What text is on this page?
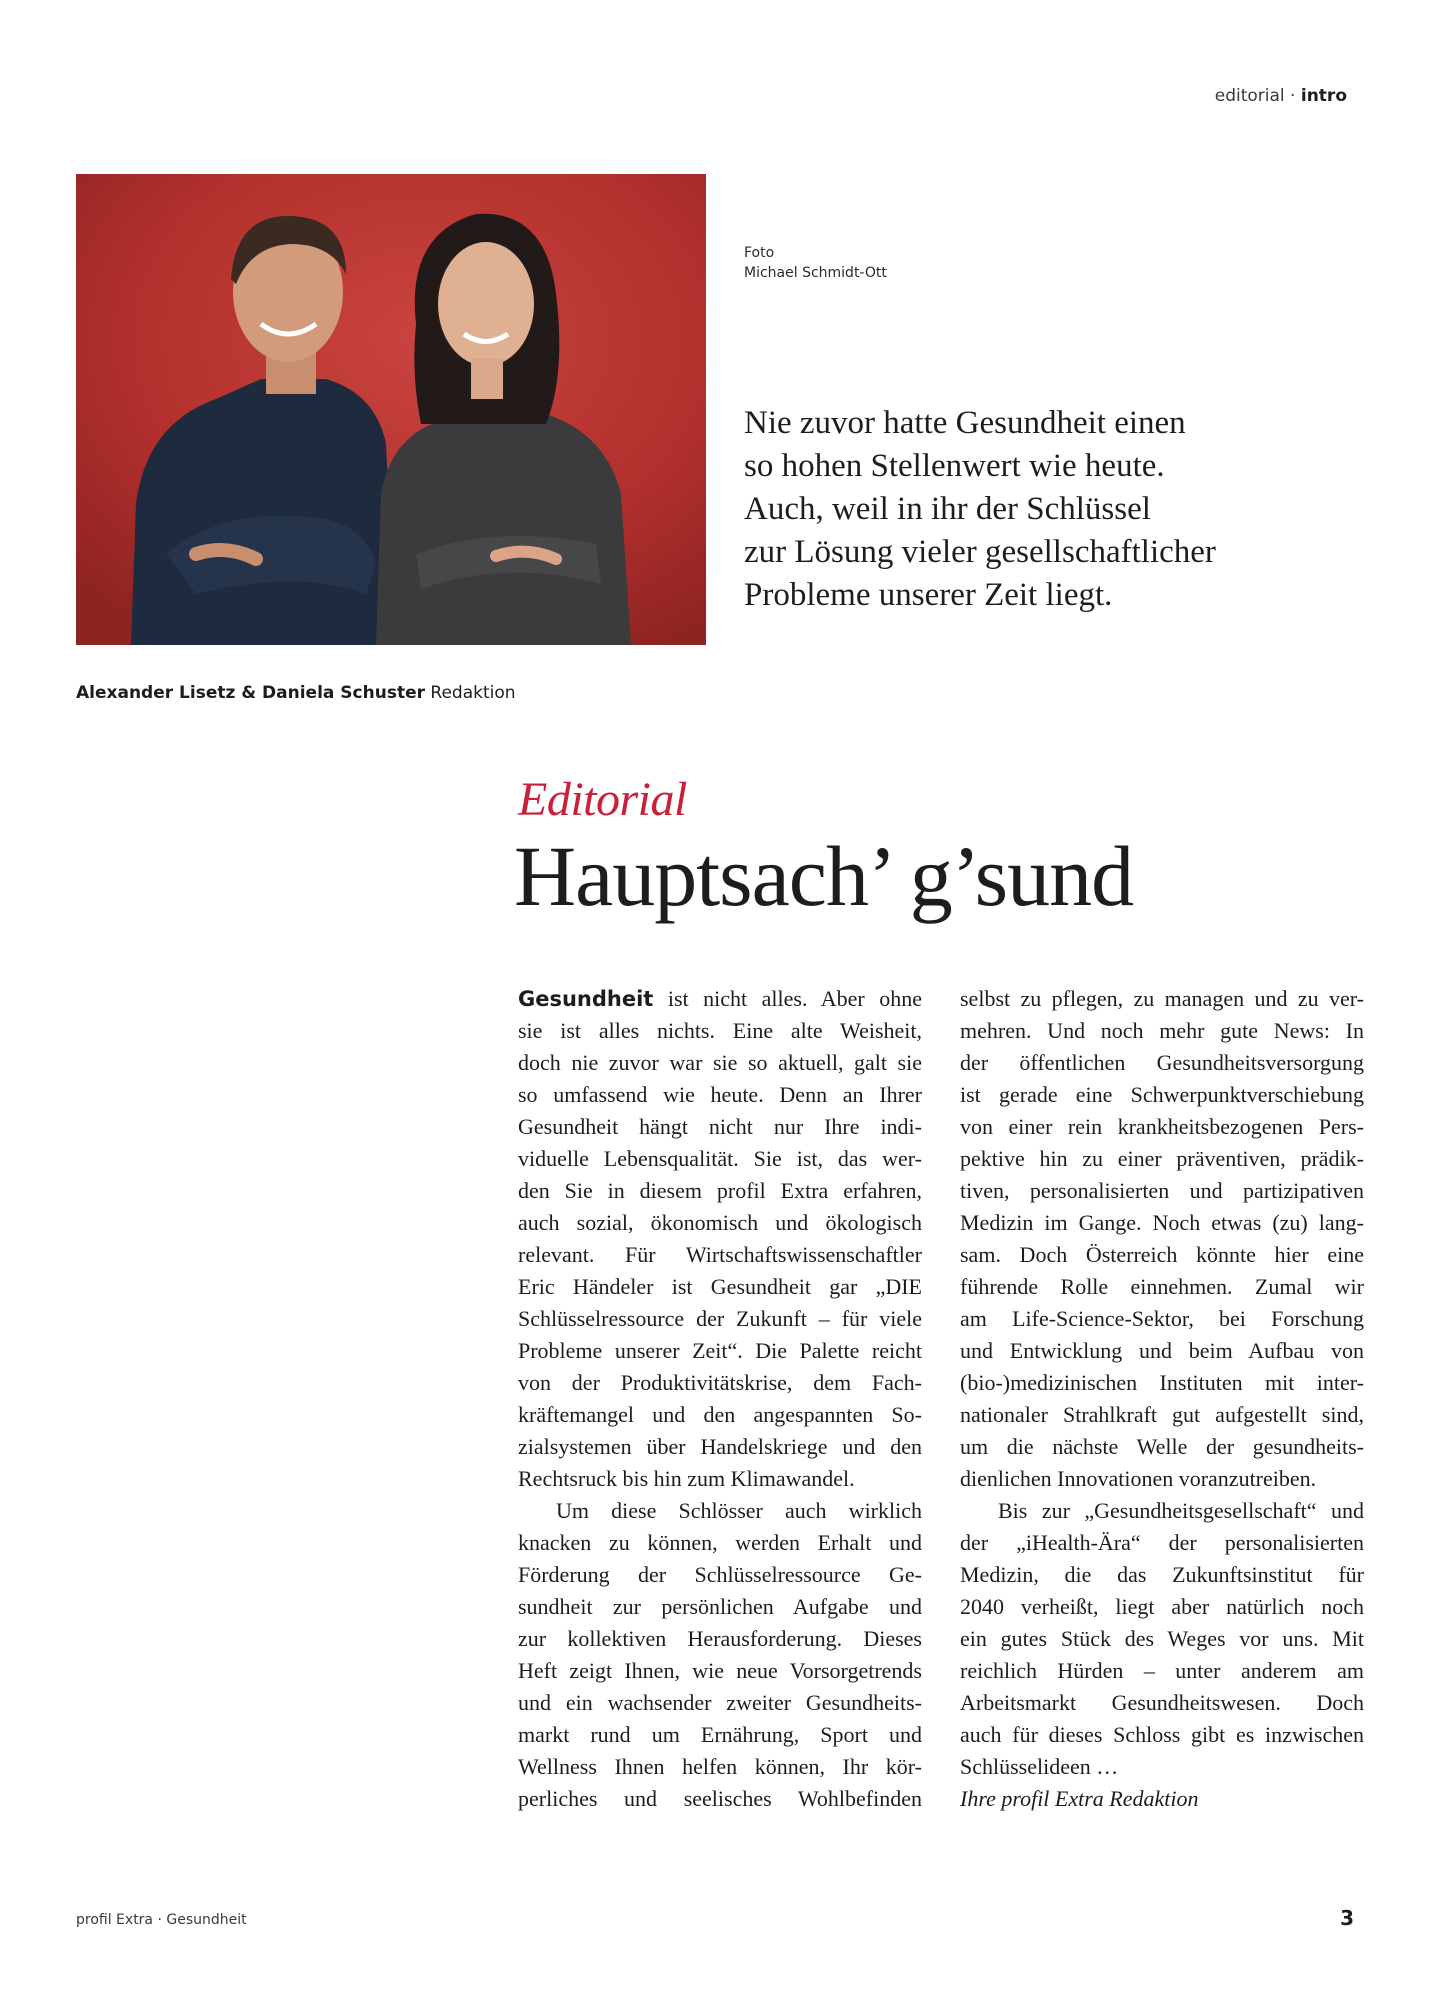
editorial · intro
Foto
Michael Schmidt-Ott
Nie zuvor hatte Gesundheit einen
so hohen Stellenwert wie heute.
Auch, weil in ihr der Schlüssel
zur Lösung vieler gesellschaftlicher
Probleme unserer Zeit liegt.
Alexander Lisetz & Daniela Schuster Redaktion
Editorial
Hauptsach’ g’sund
Gesundheit ist nicht alles. Aber ohne
sie ist alles nichts. Eine alte Weisheit,
doch nie zuvor war sie so aktuell, galt sie
so umfassend wie heute. Denn an Ihrer
Gesundheit hängt nicht nur Ihre indi-
viduelle Lebensqualität. Sie ist, das wer-
den Sie in diesem profil Extra erfahren,
auch sozial, ökonomisch und ökologisch
relevant. Für Wirtschaftswissenschaftler
Eric Händeler ist Gesundheit gar „DIE
Schlüsselressource der Zukunft – für viele
Probleme unserer Zeit“. Die Palette reicht
von der Produktivitätskrise, dem Fach-
kräftemangel und den angespannten So-
zialsystemen über Handelskriege und den
Rechtsruck bis hin zum Klimawandel.
Um diese Schlösser auch wirklich
knacken zu können, werden Erhalt und
Förderung der Schlüsselressource Ge-
sundheit zur persönlichen Aufgabe und
zur kollektiven Herausforderung. Dieses
Heft zeigt Ihnen, wie neue Vorsorgetrends
und ein wachsender zweiter Gesundheits-
markt rund um Ernährung, Sport und
Wellness Ihnen helfen können, Ihr kör-
perliches und seelisches Wohlbefinden
selbst zu pflegen, zu managen und zu ver-
mehren. Und noch mehr gute News: In
der öffentlichen Gesundheitsversorgung
ist gerade eine Schwerpunktverschiebung
von einer rein krankheitsbezogenen Pers-
pektive hin zu einer präventiven, prädik-
tiven, personalisierten und partizipativen
Medizin im Gange. Noch etwas (zu) lang-
sam. Doch Österreich könnte hier eine
führende Rolle einnehmen. Zumal wir
am Life-Science-Sektor, bei Forschung
und Entwicklung und beim Aufbau von
(bio-)medizinischen Instituten mit inter-
nationaler Strahlkraft gut aufgestellt sind,
um die nächste Welle der gesundheits-
dienlichen Innovationen voranzutreiben.
Bis zur „Gesundheitsgesellschaft“ und
der „iHealth-Ära“ der personalisierten
Medizin, die das Zukunftsinstitut für
2040 verheißt, liegt aber natürlich noch
ein gutes Stück des Weges vor uns. Mit
reichlich Hürden – unter anderem am
Arbeitsmarkt Gesundheitswesen. Doch
auch für dieses Schloss gibt es inzwischen
Schlüsselideen …
Ihre profil Extra Redaktion
profil Extra · Gesundheit	3
